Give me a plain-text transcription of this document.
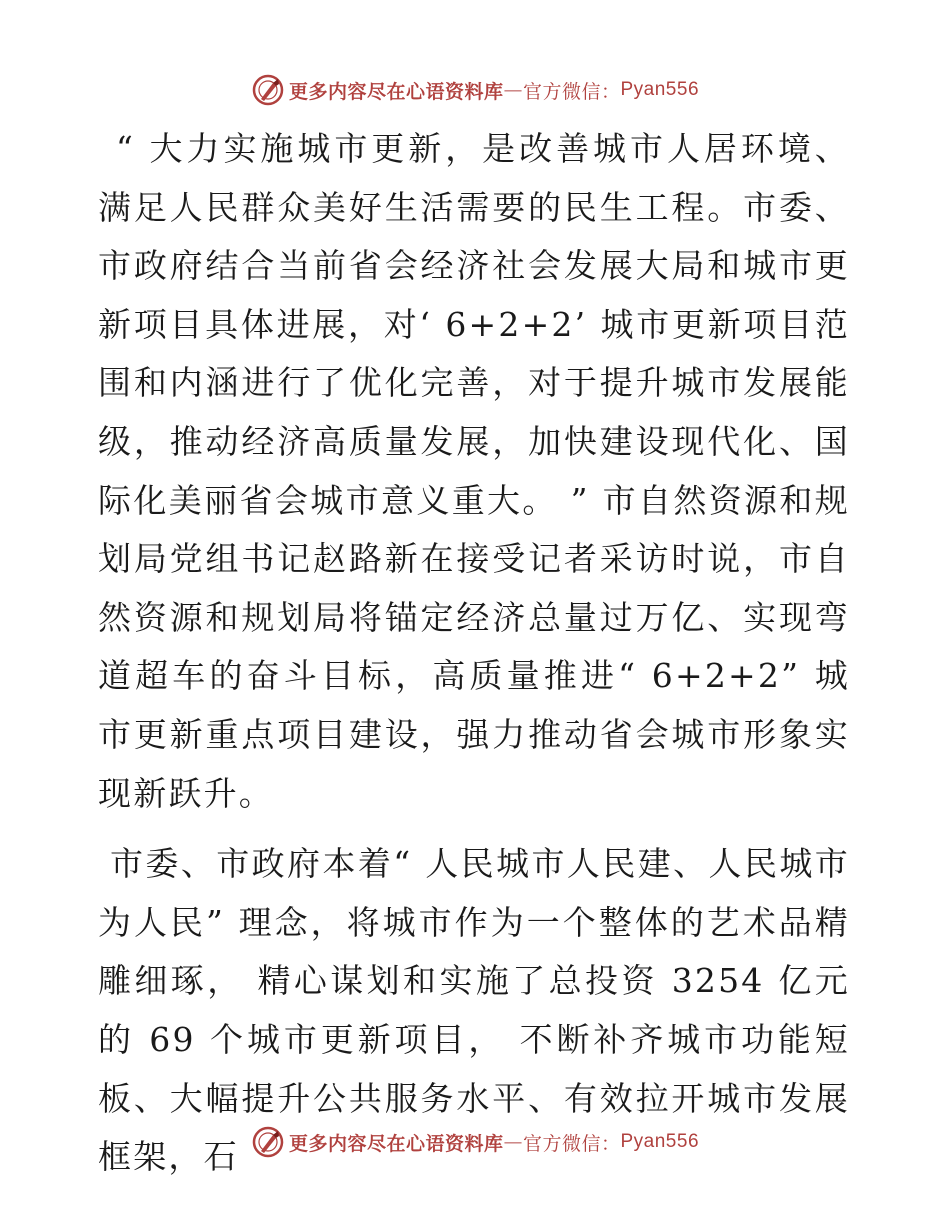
更多内容尽在心语资料库 — 官方微信： Pyan556

“ 大力实施城市更新，是改善城市人居环境、满足人民群众美好生活需要的民生工程。市委、市政府结合当前省会经济社会发展大局和城市更新项目具体进展，对‘ 6+2+2’ 城市更新项目范围和内涵进行了优化完善，对于提升城市发展能级，推动经济高质量发展，加快建设现代化、国际化美丽省会城市意义重大。 ” 市自然资源和规划局党组书记赵路新在接受记者采访时说，市自然资源和规划局将锚定经济总量过万亿、实现弯道超车的奋斗目标，高质量推进“ 6+2+2” 城市更新重点项目建设，强力推动省会城市形象实现新跃升。

市委、市政府本着“ 人民城市人民建、人民城市为人民” 理念，将城市作为一个整体的艺术品精雕细琢， 精心谋划和实施了总投资 3254 亿元的 69 个城市更新项目， 不断补齐城市功能短板、大幅提升公共服务水平、有效拉开城市发展框架，石	更多内容尽在心语资料库 — 官方微信： Pyan556
